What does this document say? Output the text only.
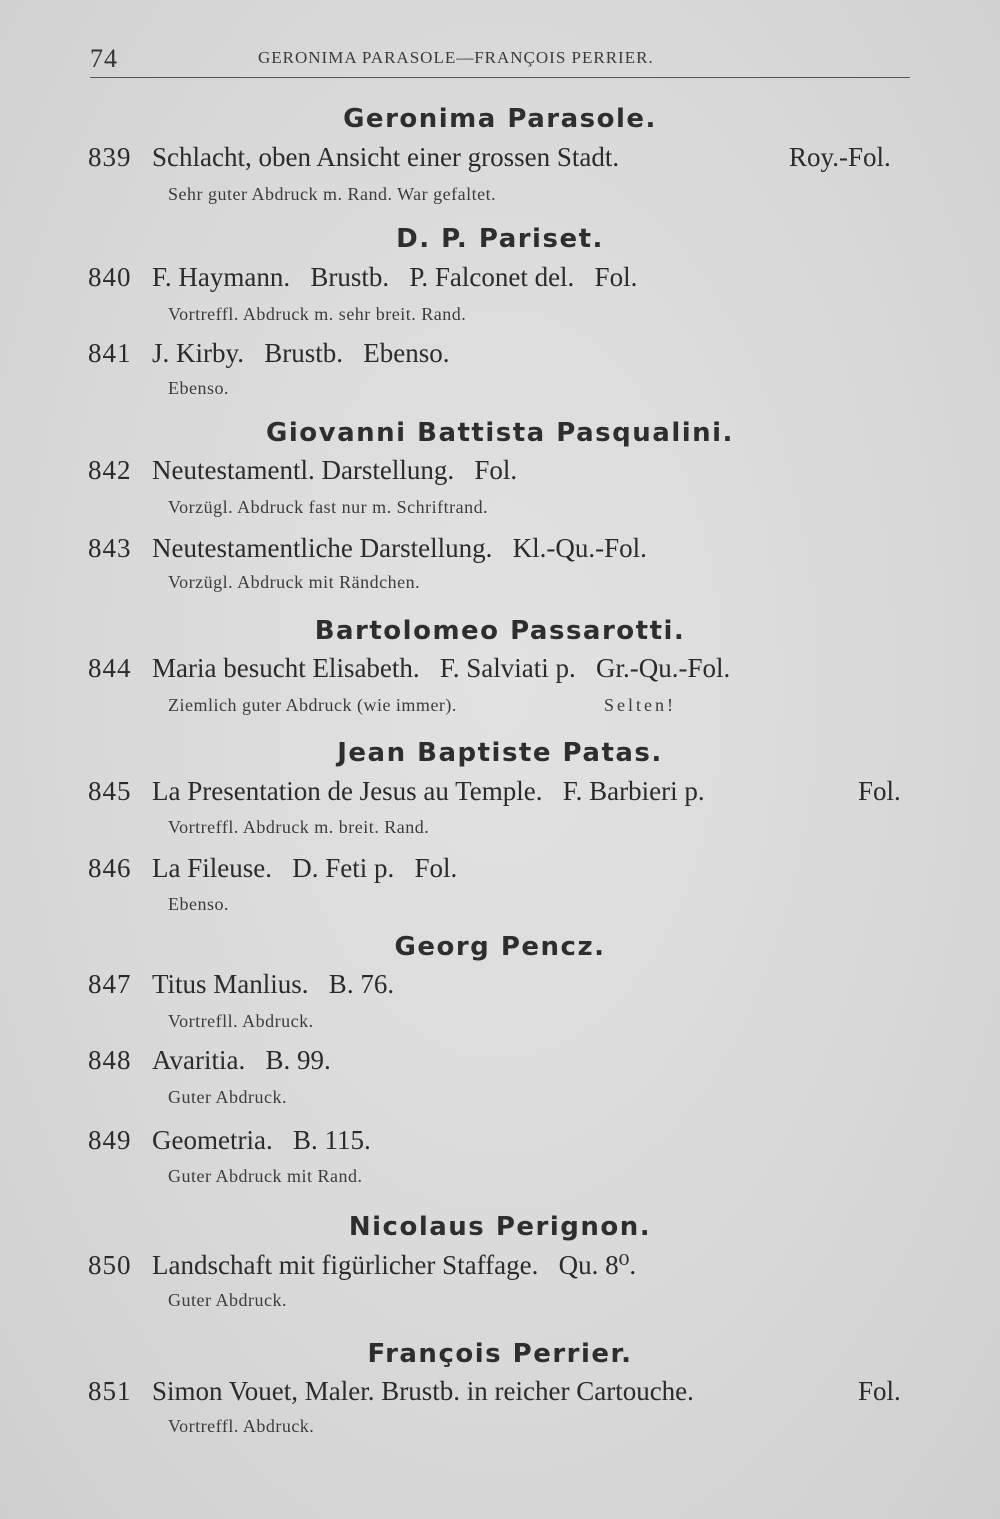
74	GERONIMA PARASOLE—FRANÇOIS PERRIER.
Geronima Parasole.
839 Schlacht, oben Ansicht einer grossen Stadt.	Roy.-Fol.
Sehr guter Abdruck m. Rand. War gefaltet.
D. P. Pariset.
840 F. Haymann.   Brustb.   P. Falconet del.   Fol.
Vortreffl. Abdruck m. sehr breit. Rand.
841 J. Kirby.   Brustb.   Ebenso.
Ebenso.
Giovanni Battista Pasqualini.
842 Neutestamentl. Darstellung.   Fol.
Vorzügl. Abdruck fast nur m. Schriftrand.
843 Neutestamentliche Darstellung.   Kl.-Qu.-Fol.
Vorzügl. Abdruck mit Rändchen.
Bartolomeo Passarotti.
844 Maria besucht Elisabeth.   F. Salviati p.   Gr.-Qu.-Fol.
Ziemlich guter Abdruck (wie immer).	Selten!
Jean Baptiste Patas.
845 La Presentation de Jesus au Temple.   F. Barbieri p.	Fol.
Vortreffl. Abdruck m. breit. Rand.
846 La Fileuse.   D. Feti p.   Fol.
Ebenso.
Georg Pencz.
847 Titus Manlius.   B. 76.
Vortrefll. Abdruck.
848 Avaritia.   B. 99.
Guter Abdruck.
849 Geometria.   B. 115.
Guter Abdruck mit Rand.
Nicolaus Perignon.
850 Landschaft mit figürlicher Staffage.   Qu. 8⁰.
Guter Abdruck.
François Perrier.
851 Simon Vouet, Maler. Brustb. in reicher Cartouche.	Fol.
Vortreffl. Abdruck.
